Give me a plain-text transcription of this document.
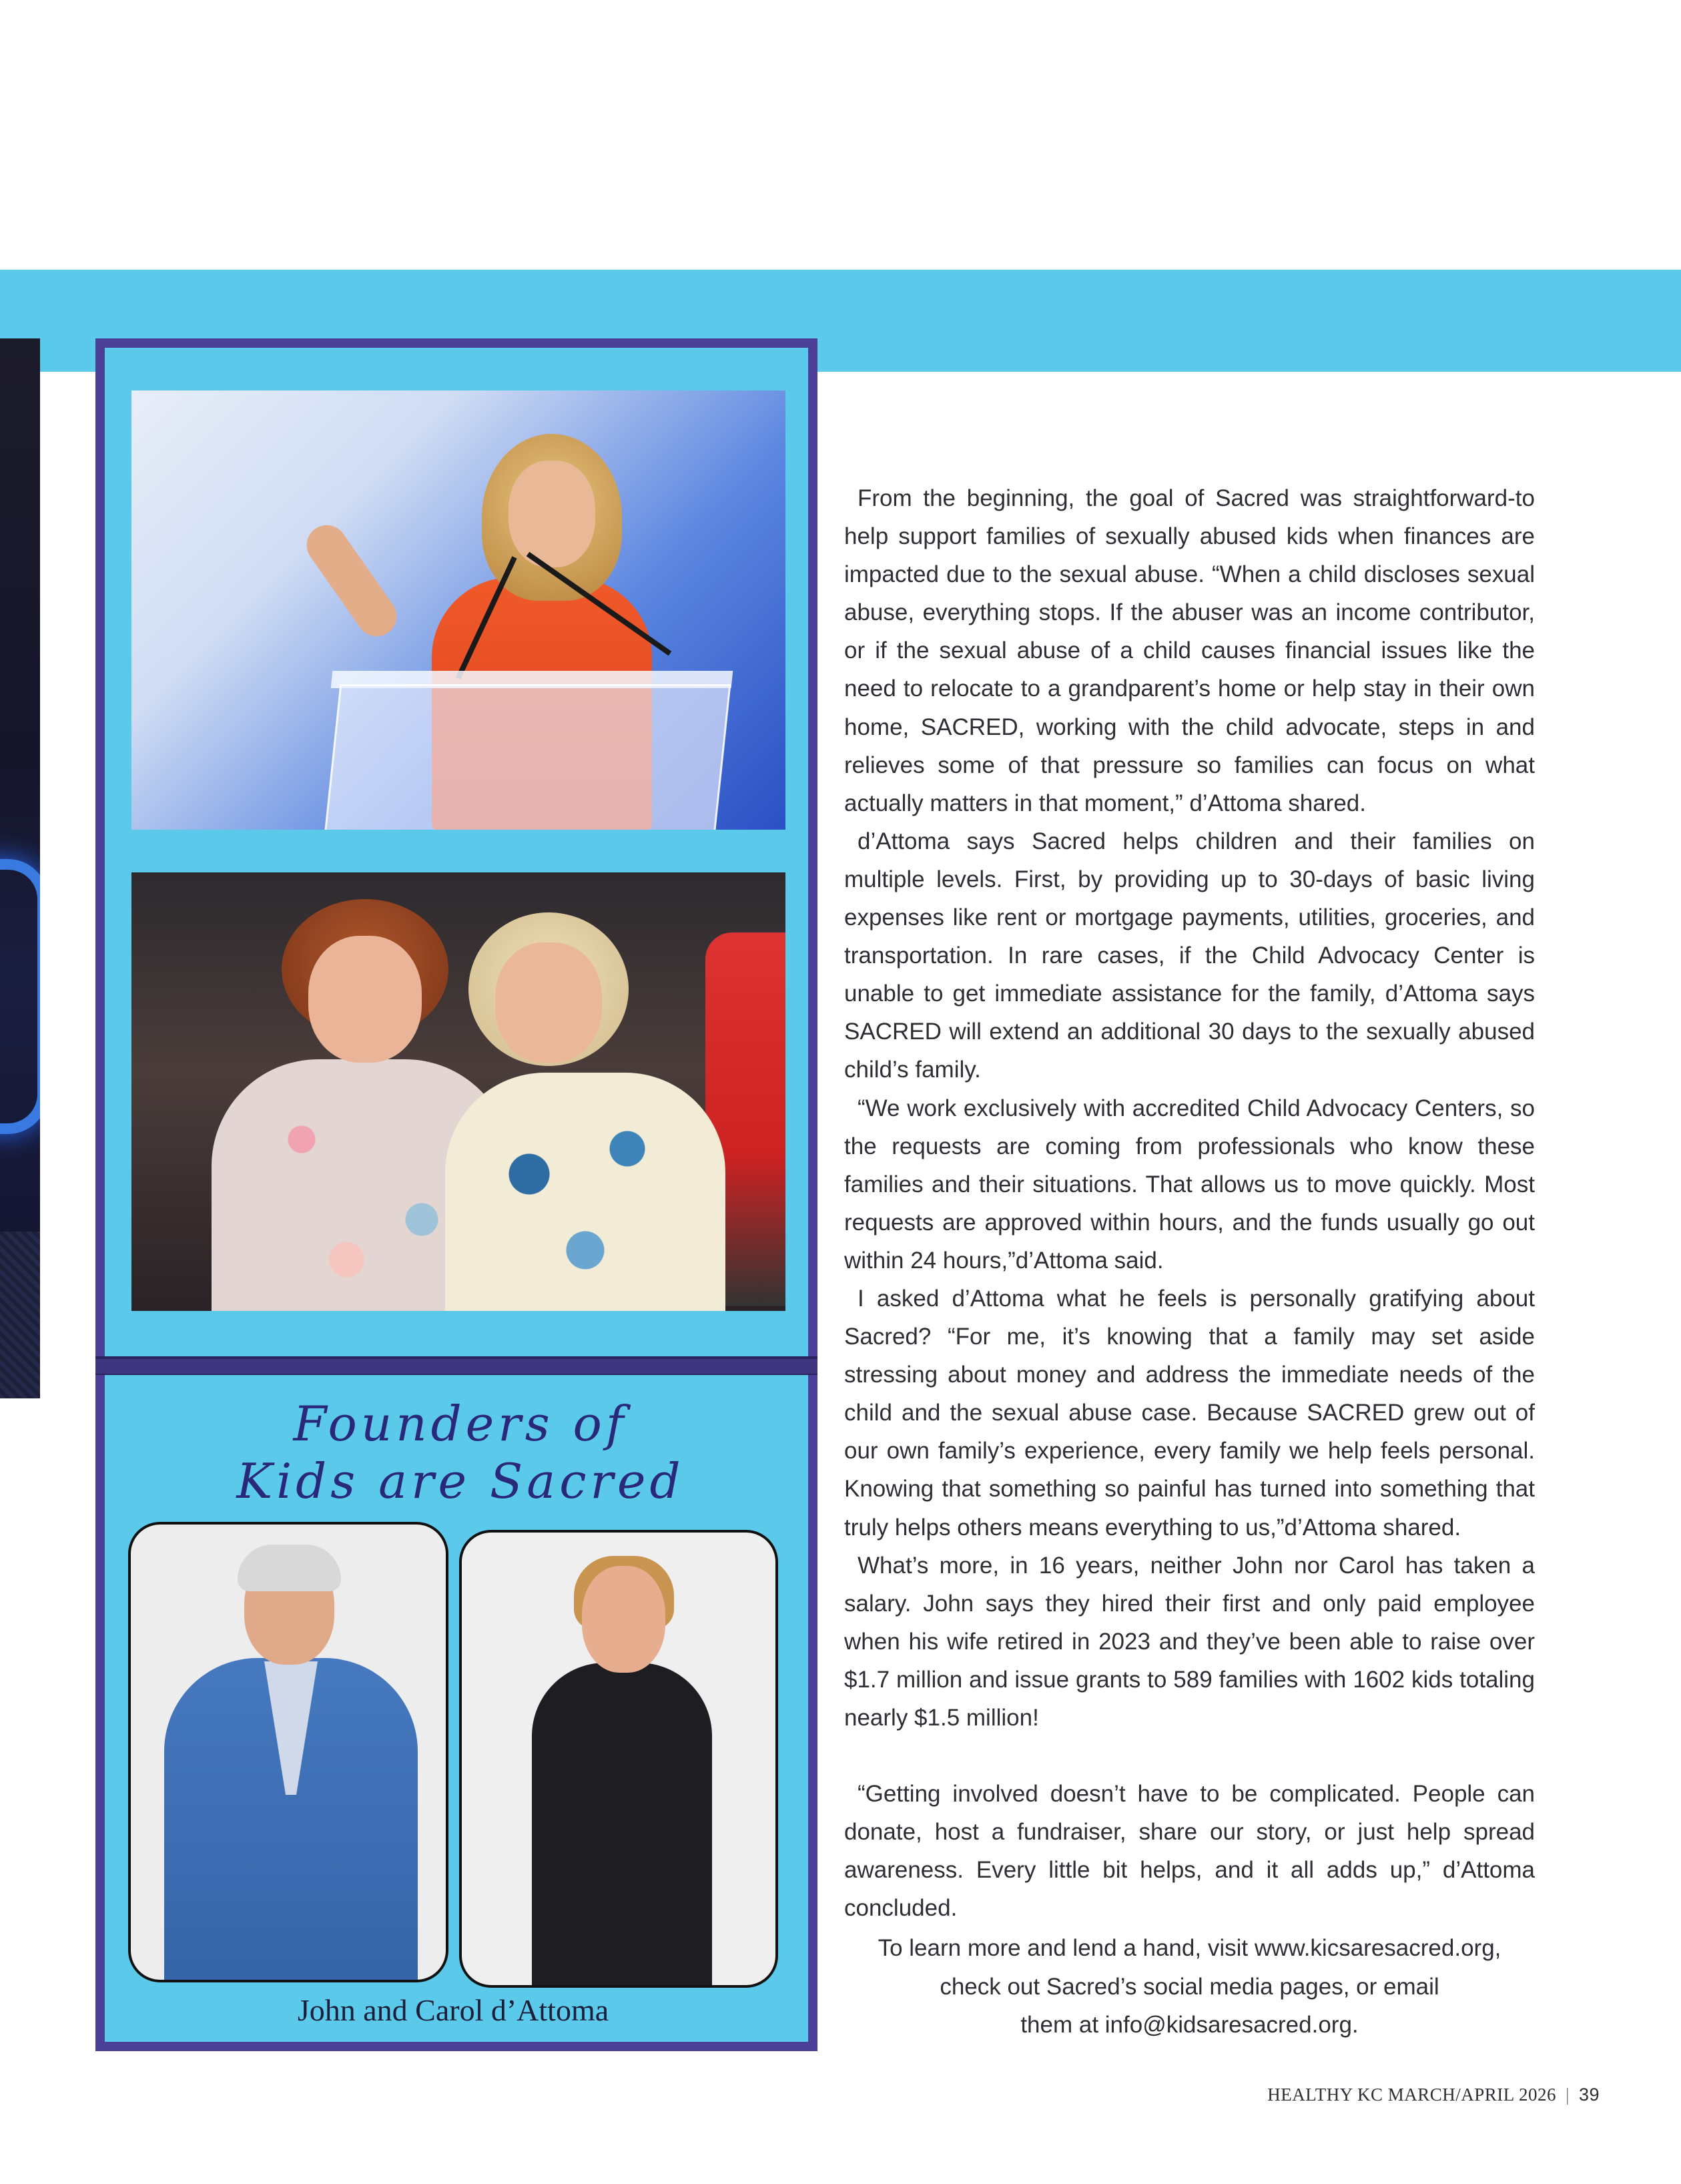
Founders of
Kids are Sacred
John and Carol d’Attoma

From the beginning, the goal of Sacred was straightforward-to help support families of sexually abused kids when finances are impacted due to the sexual abuse. “When a child discloses sexual abuse, everything stops. If the abuser was an income contributor, or if the sexual abuse of a child causes financial issues like the need to relocate to a grandparent’s home or help stay in their own home, SACRED, working with the child advocate, steps in and relieves some of that pressure so families can focus on what actually matters in that moment,” d’Attoma shared.

d’Attoma says Sacred helps children and their families on multiple levels. First, by providing up to 30-days of basic living expenses like rent or mortgage payments, utilities, groceries, and transportation. In rare cases, if the Child Advocacy Center is unable to get immediate assistance for the family, d’Attoma says SACRED will extend an additional 30 days to the sexually abused child’s family.

“We work exclusively with accredited Child Advocacy Centers, so the requests are coming from professionals who know these families and their situations. That allows us to move quickly. Most requests are approved within hours, and the funds usually go out within 24 hours,”d’Attoma said.

I asked d’Attoma what he feels is personally gratifying about Sacred? “For me, it’s knowing that a family may set aside stressing about money and address the immediate needs of the child and the sexual abuse case. Because SACRED grew out of our own family’s experience, every family we help feels personal. Knowing that something so painful has turned into something that truly helps others means everything to us,”d’Attoma shared.

What’s more, in 16 years, neither John nor Carol has taken a salary. John says they hired their first and only paid employee when his wife retired in 2023 and they’ve been able to raise over $1.7 million and issue grants to 589 families with 1602 kids totaling nearly $1.5 million!

“Getting involved doesn’t have to be complicated. People can donate, host a fundraiser, share our story, or just help spread awareness. Every little bit helps, and it all adds up,” d’Attoma concluded.

To learn more and lend a hand, visit www.kicsaresacred.org,
check out Sacred’s social media pages, or email
them at info@kidsaresacred.org.
HEALTHY KC MARCH/APRIL 2026 | 39
